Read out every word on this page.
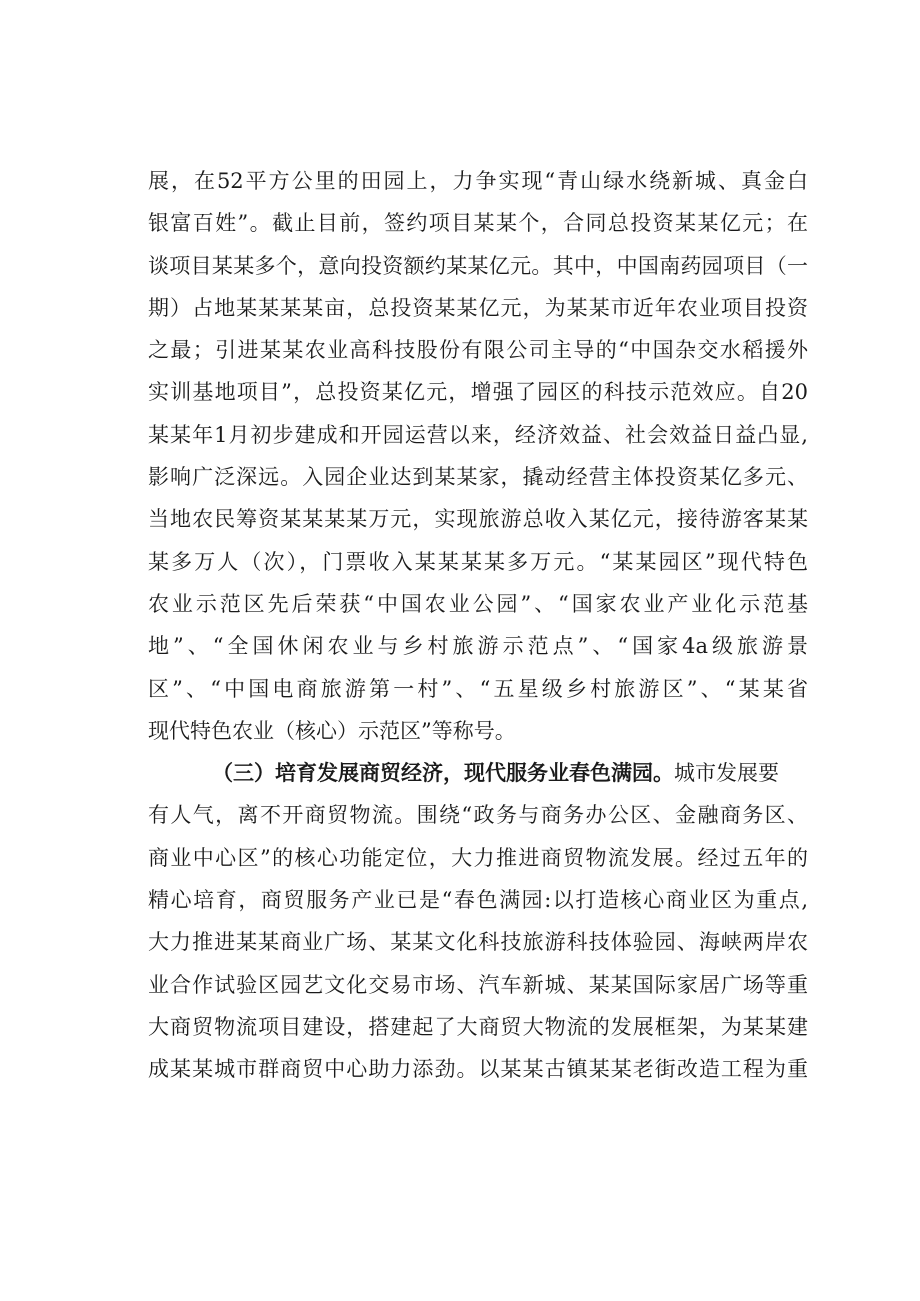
展，在52平方公里的田园上，力争实现“青山绿水绕新城、真金白
银富百姓”。截止目前，签约项目某某个，合同总投资某某亿元；在
谈项目某某多个，意向投资额约某某亿元。其中，中国南药园项目（一
期）占地某某某某亩，总投资某某亿元，为某某市近年农业项目投资
之最；引进某某农业高科技股份有限公司主导的“中国杂交水稻援外
实训基地项目”，总投资某亿元，增强了园区的科技示范效应。自20
某某年1月初步建成和开园运营以来，经济效益、社会效益日益凸显,
影响广泛深远。入园企业达到某某家，撬动经营主体投资某亿多元、
当地农民筹资某某某某万元，实现旅游总收入某亿元，接待游客某某
某多万人（次），门票收入某某某某多万元。“某某园区”现代特色
农业示范区先后荣获“中国农业公园”、“国家农业产业化示范基
地”、“全国休闲农业与乡村旅游示范点”、“国家4a级旅游景
区”、“中国电商旅游第一村”、“五星级乡村旅游区”、“某某省
现代特色农业（核心）示范区”等称号。
（三）培育发展商贸经济，现代服务业春色满园。城市发展要
有人气，离不开商贸物流。围绕“政务与商务办公区、金融商务区、
商业中心区”的核心功能定位，大力推进商贸物流发展。经过五年的
精心培育，商贸服务产业已是“春色满园:以打造核心商业区为重点,
大力推进某某商业广场、某某文化科技旅游科技体验园、海峡两岸农
业合作试验区园艺文化交易市场、汽车新城、某某国际家居广场等重
大商贸物流项目建设，搭建起了大商贸大物流的发展框架，为某某建
成某某城市群商贸中心助力添劲。以某某古镇某某老街改造工程为重
